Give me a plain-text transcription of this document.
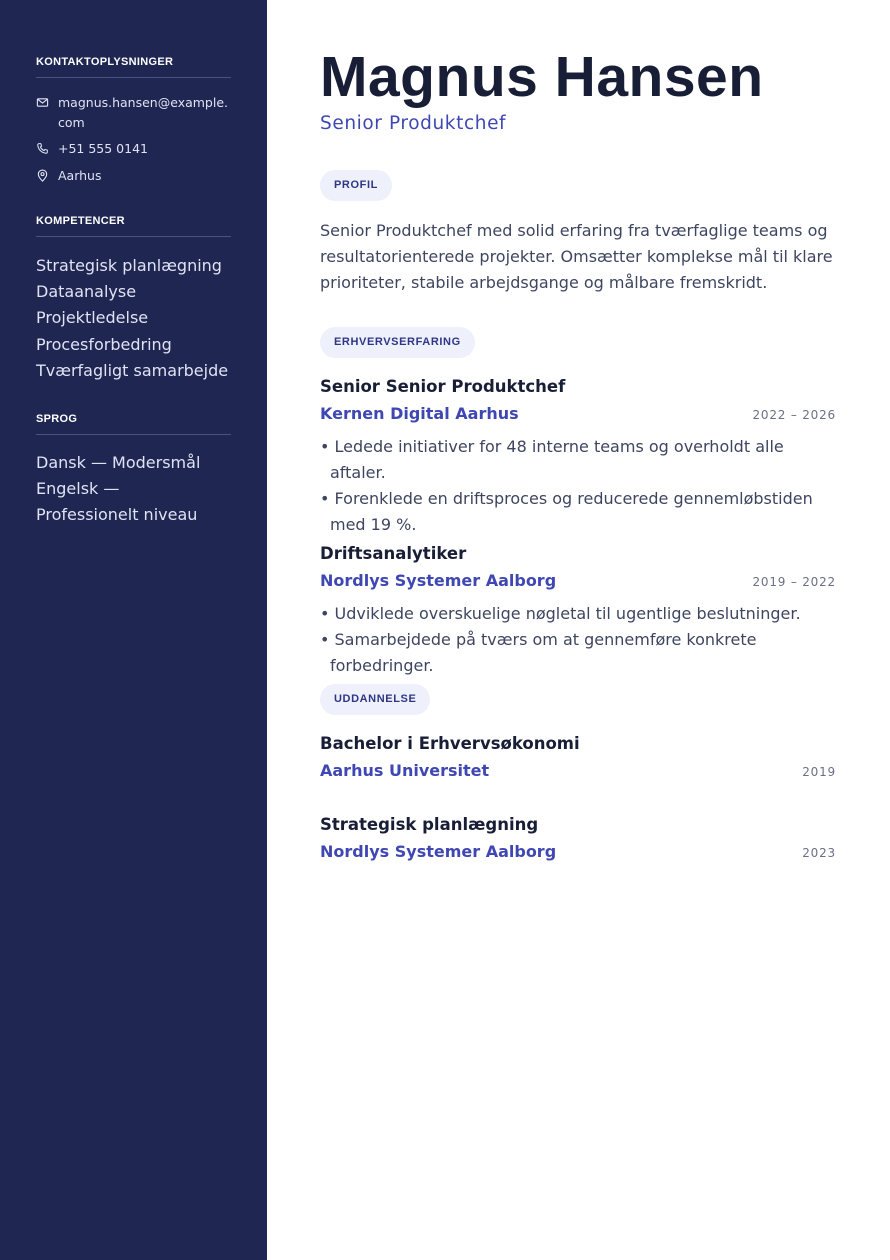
KONTAKTOPLYSNINGER
magnus.hansen@example.com
+51 555 0141
Aarhus
KOMPETENCER
Strategisk planlægning
Dataanalyse
Projektledelse
Procesforbedring
Tværfagligt samarbejde
SPROG
Dansk — Modersmål
Engelsk — Professionelt niveau
Magnus Hansen
Senior Produktchef
PROFIL

Senior Produktchef med solid erfaring fra tværfaglige teams og resultatorienterede projekter. Omsætter komplekse mål til klare prioriteter, stabile arbejdsgange og målbare fremskridt.

ERHVERVSERFARING
Senior Senior Produktchef
Kernen Digital Aarhus	2022 – 2026
• Ledede initiativer for 48 interne teams og overholdt alle aftaler.
• Forenklede en driftsproces og reducerede gennemløbstiden med 19 %.
Driftsanalytiker
Nordlys Systemer Aalborg	2019 – 2022
• Udviklede overskuelige nøgletal til ugentlige beslutninger.
• Samarbejdede på tværs om at gennemføre konkrete forbedringer.
UDDANNELSE
Bachelor i Erhvervsøkonomi
Aarhus Universitet	2019
Strategisk planlægning
Nordlys Systemer Aalborg	2023
